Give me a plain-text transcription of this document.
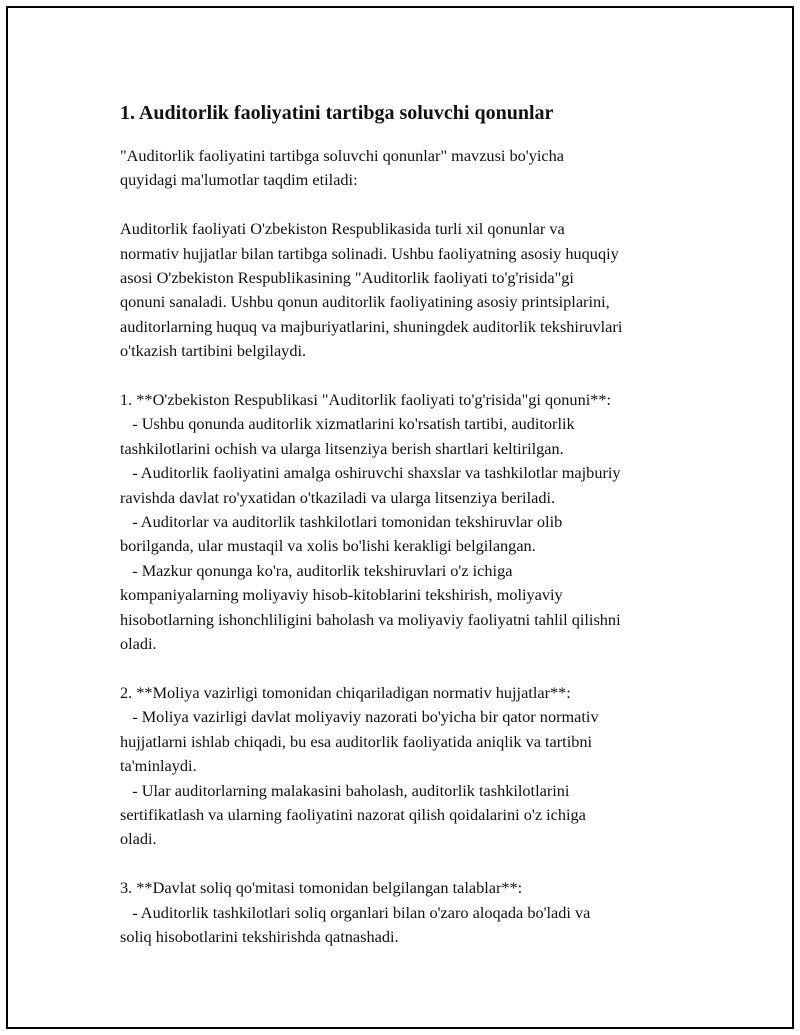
1. Auditorlik faoliyatini tartibga soluvchi qonunlar

"Auditorlik faoliyatini tartibga soluvchi qonunlar" mavzusi bo'yicha
quyidagi ma'lumotlar taqdim etiladi:

Auditorlik faoliyati O'zbekiston Respublikasida turli xil qonunlar va
normativ hujjatlar bilan tartibga solinadi. Ushbu faoliyatning asosiy huquqiy
asosi O'zbekiston Respublikasining "Auditorlik faoliyati to'g'risida"gi
qonuni sanaladi. Ushbu qonun auditorlik faoliyatining asosiy printsiplarini,
auditorlarning huquq va majburiyatlarini, shuningdek auditorlik tekshiruvlari
o'tkazish tartibini belgilaydi.

1. **O'zbekiston Respublikasi "Auditorlik faoliyati to'g'risida"gi qonuni**:
- Ushbu qonunda auditorlik xizmatlarini ko'rsatish tartibi, auditorlik
tashkilotlarini ochish va ularga litsenziya berish shartlari keltirilgan.
- Auditorlik faoliyatini amalga oshiruvchi shaxslar va tashkilotlar majburiy
ravishda davlat ro'yxatidan o'tkaziladi va ularga litsenziya beriladi.
- Auditorlar va auditorlik tashkilotlari tomonidan tekshiruvlar olib
borilganda, ular mustaqil va xolis bo'lishi kerakligi belgilangan.
- Mazkur qonunga ko'ra, auditorlik tekshiruvlari o'z ichiga
kompaniyalarning moliyaviy hisob-kitoblarini tekshirish, moliyaviy
hisobotlarning ishonchliligini baholash va moliyaviy faoliyatni tahlil qilishni
oladi.

2. **Moliya vazirligi tomonidan chiqariladigan normativ hujjatlar**:
- Moliya vazirligi davlat moliyaviy nazorati bo'yicha bir qator normativ
hujjatlarni ishlab chiqadi, bu esa auditorlik faoliyatida aniqlik va tartibni
ta'minlaydi.
- Ular auditorlarning malakasini baholash, auditorlik tashkilotlarini
sertifikatlash va ularning faoliyatini nazorat qilish qoidalarini o'z ichiga
oladi.

3. **Davlat soliq qo'mitasi tomonidan belgilangan talablar**:
- Auditorlik tashkilotlari soliq organlari bilan o'zaro aloqada bo'ladi va
soliq hisobotlarini tekshirishda qatnashadi.
